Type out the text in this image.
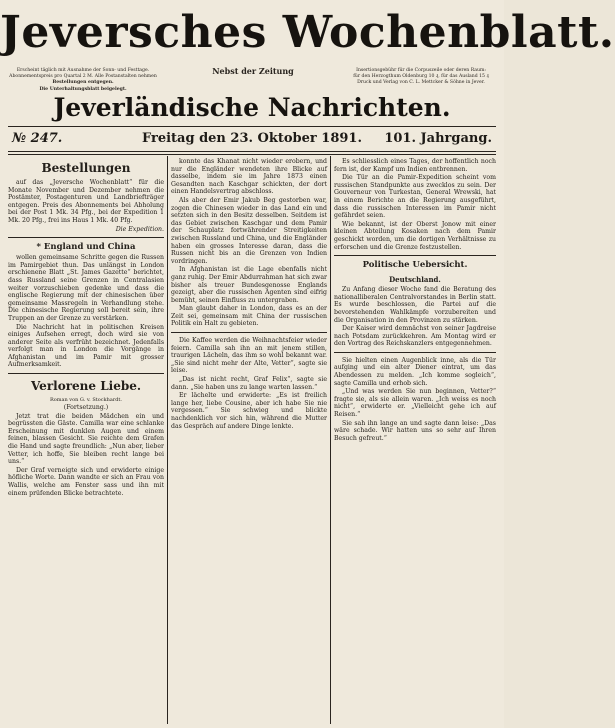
Jeversches Wochenblatt.
Erscheint täglich mit Ausnahme der Sonn- und Festtage.
Abonnementspreis pro Quartal 2 M. Alle Postanstalten nehmen
Bestellungen entgegen.
Die Unterhaltungsblatt beigelegt.
Nebst der Zeitung	Insertionsgebühr für die Corpuszeile oder deren Raum:
für den Herzogthum Oldenburg 10 ₰, für das Ausland 15 ₰
Druck und Verlag von C. L. Mettcker & Söhne in Jever.
Jeverländische Nachrichten.
№ 247.	Freitag den 23. Oktober 1891.	101. Jahrgang.
Bestellungen

auf das „Jeversche Wochenblatt“ für die Monate November und Dezember nehmen die Postämter, Postagenturen und Landbriefträger entgegen. Preis des Abonnements bei Abholung bei der Post 1 Mk. 34 Pfg., bei der Expedition 1 Mk. 20 Pfg., frei ins Haus 1 Mk. 40 Pfg.

Die Expedition.

* England und China

wollen gemeinsame Schritte gegen die Russen im Pamirgebiet thun. Das unlängst in London erschienene Blatt „St. James Gazette“ berichtet, dass Russland seine Grenzen in Centralasien weiter vorzuschieben gedenke und dass die englische Regierung mit der chinesischen über gemeinsame Massregeln in Verhandlung stehe. Die chinesische Regierung soll bereit sein, ihre Truppen an der Grenze zu verstärken.

Die Nachricht hat in politischen Kreisen einiges Aufsehen erregt, doch wird sie von anderer Seite als verfrüht bezeichnet. Jedenfalls verfolgt man in London die Vorgänge in Afghanistan und im Pamir mit grosser Aufmerksamkeit.

Verlorene Liebe.

Roman von G. v. Stockhardt.

(Fortsetzung.)

Jetzt trat die beiden Mädchen ein und begrüssten die Gäste. Camilla war eine schlanke Erscheinung mit dunklen Augen und einem feinen, blassen Gesicht. Sie reichte dem Grafen die Hand und sagte freundlich: „Nun aber, lieber Vetter, ich hoffe, Sie bleiben recht lange bei uns.“

Der Graf verneigte sich und erwiderte einige höfliche Worte. Dann wandte er sich an Frau von Wallis, welche am Fenster sass und ihn mit einem prüfenden Blicke betrachtete.

konnte das Khanat nicht wieder erobern, und nur die Engländer wendeten ihre Blicke auf dasselbe, indem sie im Jahre 1873 einen Gesandten nach Kaschgar schickten, der dort einen Handelsvertrag abschloss.

Als aber der Emir Jakub Beg gestorben war, zogen die Chinesen wieder in das Land ein und setzten sich in den Besitz desselben. Seitdem ist das Gebiet zwischen Kaschgar und dem Pamir der Schauplatz fortwährender Streitigkeiten zwischen Russland und China, und die Engländer haben ein grosses Interesse daran, dass die Russen nicht bis an die Grenzen von Indien vordringen.

In Afghanistan ist die Lage ebenfalls nicht ganz ruhig. Der Emir Abdurrahman hat sich zwar bisher als treuer Bundesgenosse Englands gezeigt, aber die russischen Agenten sind eifrig bemüht, seinen Einfluss zu untergraben.

Man glaubt daher in London, dass es an der Zeit sei, gemeinsam mit China der russischen Politik ein Halt zu gebieten.

Die Kaffee werden die Weihnachtsfeier wieder feiern. Camilla sah ihn an mit jenem stillen, traurigen Lächeln, das ihm so wohl bekannt war. „Sie sind nicht mehr der Alte, Vetter“, sagte sie leise.

„Das ist nicht recht, Graf Felix“, sagte sie dann. „Sie haben uns zu lange warten lassen.“

Er lächelte und erwiderte: „Es ist freilich lange her, liebe Cousine, aber ich habe Sie nie vergessen.“ Sie schwieg und blickte nachdenklich vor sich hin, während die Mutter das Gespräch auf andere Dinge lenkte.

Es schliesslich eines Tages, der hoffentlich noch fern ist, der Kampf um Indien entbrennen.

Die Tür an die Pamir-Expedition scheint vom russischen Standpunkte aus zwecklos zu sein. Der Gouverneur von Turkestan, General Wrewski, hat in einem Berichte an die Regierung ausgeführt, dass die russischen Interessen im Pamir nicht gefährdet seien.

Wie bekannt, ist der Oberst Jonow mit einer kleinen Abteilung Kosaken nach dem Pamir geschickt worden, um die dortigen Verhältnisse zu erforschen und die Grenze festzustellen.

Politische Uebersicht.
Deutschland.

Zu Anfang dieser Woche fand die Beratung des nationalliberalen Centralvorstandes in Berlin statt. Es wurde beschlossen, die Partei auf die bevorstehenden Wahlkämpfe vorzubereiten und die Organisation in den Provinzen zu stärken.

Der Kaiser wird demnächst von seiner Jagdreise nach Potsdam zurückkehren. Am Montag wird er den Vortrag des Reichskanzlers entgegennehmen.

Sie hielten einen Augenblick inne, als die Tür aufging und ein alter Diener eintrat, um das Abendessen zu melden. „Ich komme sogleich“, sagte Camilla und erhob sich.

„Und was werden Sie nun beginnen, Vetter?“ fragte sie, als sie allein waren. „Ich weiss es noch nicht“, erwiderte er. „Vielleicht gehe ich auf Reisen.“

Sie sah ihn lange an und sagte dann leise: „Das wäre schade. Wir hatten uns so sehr auf Ihren Besuch gefreut.“
